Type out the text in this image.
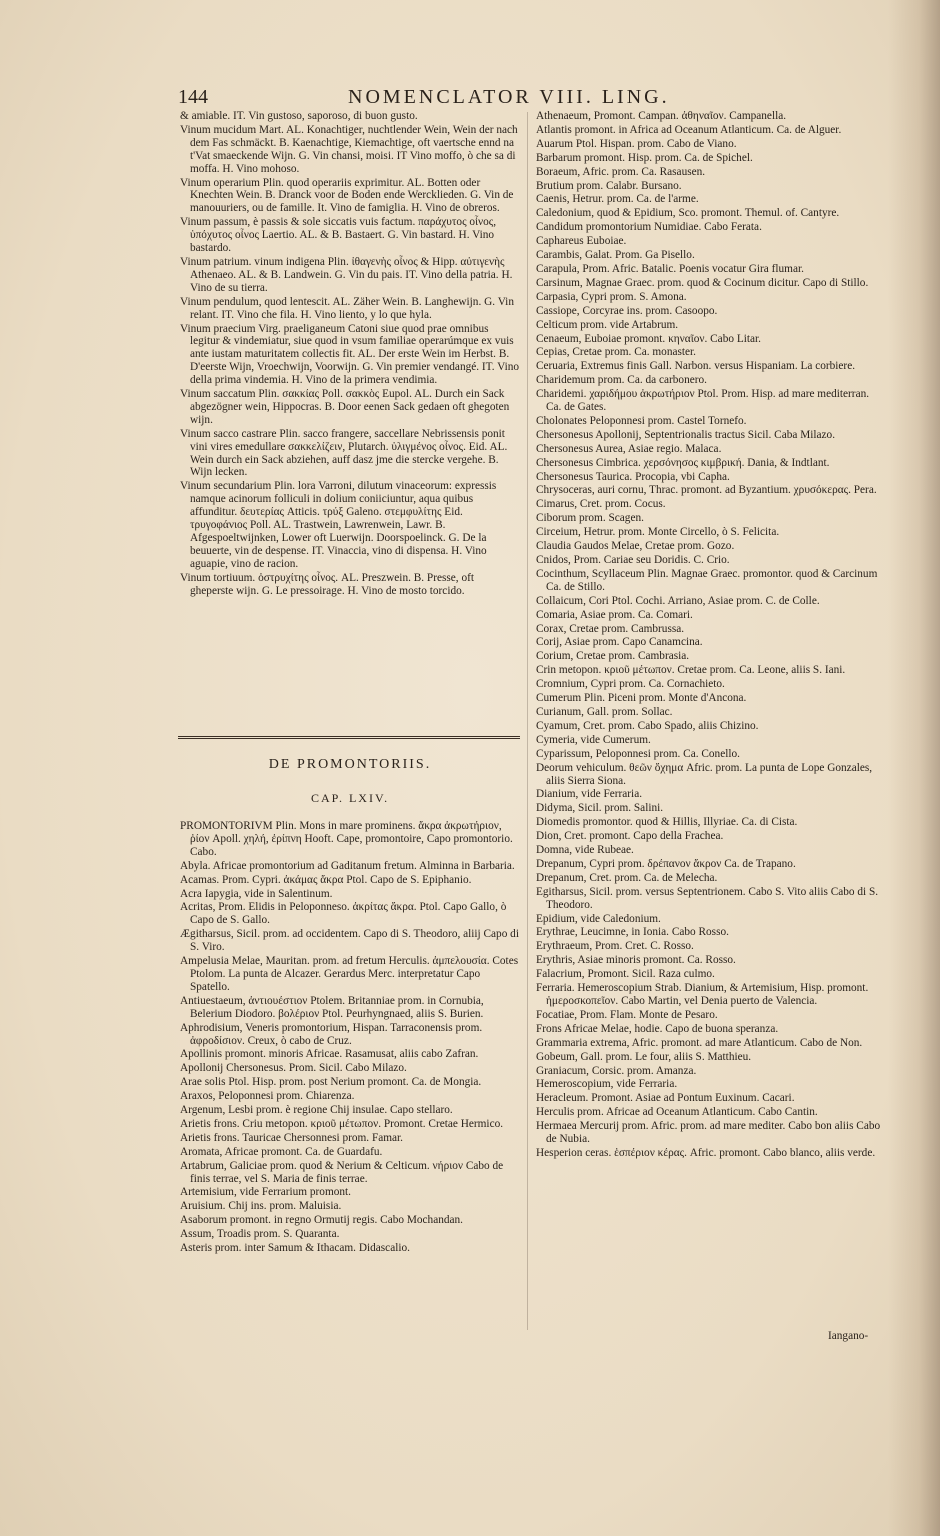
144	NOMENCLATOR VIII. LING.

& amiable. IT. Vin gustoso, saporoso, di buon gusto.

Vinum mucidum Mart. AL. Konachtiger, nuchtlender Wein, Wein der nach dem Fas schmäckt. B. Kaenachtige, Kiemachtige, oft vaertsche ennd na t'Vat smaeckende Wijn. G. Vin chansi, moisi. IT Vino moffo, ò che sa di moffa. H. Vino mohoso.

Vinum operarium Plin. quod operariis exprimitur. AL. Botten oder Knechten Wein. B. Dranck voor de Boden ende Wercklieden. G. Vin de manouuriers, ou de famille. It. Vino de famiglia. H. Vino de obreros.

Vinum passum, è passis & sole siccatis vuis factum. παράχυτος οἶνος, ὑπόχυτος οἶνος Laertio. AL. & B. Bastaert. G. Vin bastard. H. Vino bastardo.

Vinum patrium. vinum indigena Plin. ἰθαγενὴς οἶνος & Hipp. αὐτιγενὴς Athenaeo. AL. & B. Landwein. G. Vin du pais. IT. Vino della patria. H. Vino de su tierra.

Vinum pendulum, quod lentescit. AL. Zäher Wein. B. Langhewijn. G. Vin relant. IT. Vino che fila. H. Vino liento, y lo que hyla.

Vinum praecium Virg. praeliganeum Catoni siue quod prae omnibus legitur & vindemiatur, siue quod in vsum familiae operarúmque ex vuis ante iustam maturitatem collectis fit. AL. Der erste Wein im Herbst. B. D'eerste Wijn, Vroechwijn, Voorwijn. G. Vin premier vendangé. IT. Vino della prima vindemia. H. Vino de la primera vendimia.

Vinum saccatum Plin. σακκίας Poll. σακκὸς Eupol. AL. Durch ein Sack abgezögner wein, Hippocras. B. Door eenen Sack gedaen oft ghegoten wijn.

Vinum sacco castrare Plin. sacco frangere, saccellare Nebrissensis ponit vini vires emedullare σακκελίζειν, Plutarch. ὑλιγμένος οἶνος. Eid. AL. Wein durch ein Sack abziehen, auff dasz jme die stercke vergehe. B. Wijn lecken.

Vinum secundarium Plin. lora Varroni, dilutum vinaceorum: expressis namque acinorum folliculi in dolium coniiciuntur, aqua quibus affunditur. δευτερίας Atticis. τρύξ Galeno. στεμφυλίτης Eid. τρυγοφάνιος Poll. AL. Trastwein, Lawrenwein, Lawr. B. Afgespoeltwijnken, Lower oft Luerwijn. Doorspoelinck. G. De la beuuerte, vin de despense. IT. Vinaccia, vino di dispensa. H. Vino aguapie, vino de racion.

Vinum tortiuum. ὀστρυχίτης οἶνος. AL. Preszwein. B. Presse, oft gheperste wijn. G. Le pressoirage. H. Vino de mosto torcido.

DE PROMONTORIIS.
CAP. LXIV.

PROMONTORIVM Plin. Mons in mare prominens. ἄκρα ἀκρωτήριον, ῥίον Apoll. χηλή, ἐρίπνη Hooft. Cape, promontoire, Capo promontorio. Cabo.

Abyla. Africae promontorium ad Gaditanum fretum. Alminna in Barbaria.

Acamas. Prom. Cypri. ἀκάμας ἄκρα Ptol. Capo de S. Epiphanio.

Acra Iapygia, vide in Salentinum.

Acritas, Prom. Elidis in Peloponneso. ἀκρίτας ἄκρα. Ptol. Capo Gallo, ò Capo de S. Gallo.

Ægitharsus, Sicil. prom. ad occidentem. Capo di S. Theodoro, aliij Capo di S. Viro.

Ampelusia Melae, Mauritan. prom. ad fretum Herculis. ἀμπελουσία. Cotes Ptolom. La punta de Alcazer. Gerardus Merc. interpretatur Capo Spatello.

Antiuestaeum, ἀντιουέστιον Ptolem. Britanniae prom. in Cornubia, Belerium Diodoro. βολέριον Ptol. Peurhyngnaed, aliis S. Burien.

Aphrodisium, Veneris promontorium, Hispan. Tarraconensis prom. ἀφροδίσιον. Creux, ò cabo de Cruz.

Apollinis promont. minoris Africae. Rasamusat, aliis cabo Zafran.

Apollonij Chersonesus. Prom. Sicil. Cabo Milazo.

Arae solis Ptol. Hisp. prom. post Nerium promont. Ca. de Mongia.

Araxos, Peloponnesi prom. Chiarenza.

Argenum, Lesbi prom. è regione Chij insulae. Capo stellaro.

Arietis frons. Criu metopon. κριοῦ μέτωπον. Promont. Cretae Hermico.

Arietis frons. Tauricae Chersonnesi prom. Famar.

Aromata, Africae promont. Ca. de Guardafu.

Artabrum, Galiciae prom. quod & Nerium & Celticum. νήριον Cabo de finis terrae, vel S. Maria de finis terrae.

Artemisium, vide Ferrarium promont.

Aruisium. Chij ins. prom. Maluisia.

Asaborum promont. in regno Ormutij regis. Cabo Mochandan.

Assum, Troadis prom. S. Quaranta.

Asteris prom. inter Samum & Ithacam. Didascalio.

Athenaeum, Promont. Campan. ἀθηναῖον. Campanella.

Atlantis promont. in Africa ad Oceanum Atlanticum. Ca. de Alguer.

Auarum Ptol. Hispan. prom. Cabo de Viano.

Barbarum promont. Hisp. prom. Ca. de Spichel.

Boraeum, Afric. prom. Ca. Rasausen.

Brutium prom. Calabr. Bursano.

Caenis, Hetrur. prom. Ca. de l'arme.

Caledonium, quod & Epidium, Sco. promont. Themul. of. Cantyre.

Candidum promontorium Numidiae. Cabo Ferata.

Caphareus Euboiae.

Carambis, Galat. Prom. Ga Pisello.

Carapula, Prom. Afric. Batalic. Poenis vocatur Gira flumar.

Carsinum, Magnae Graec. prom. quod & Cocinum dicitur. Capo di Stillo.

Carpasia, Cypri prom. S. Amona.

Cassiope, Corcyrae ins. prom. Casoopo.

Celticum prom. vide Artabrum.

Cenaeum, Euboiae promont. κηναῖον. Cabo Litar.

Cepias, Cretae prom. Ca. monaster.

Ceruaria, Extremus finis Gall. Narbon. versus Hispaniam. La corbiere.

Charidemum prom. Ca. da carbonero.

Charidemi. χαριδήμου ἀκρωτήριον Ptol. Prom. Hisp. ad mare mediterran. Ca. de Gates.

Cholonates Peloponnesi prom. Castel Tornefo.

Chersonesus Apollonij, Septentrionalis tractus Sicil. Caba Milazo.

Chersonesus Aurea, Asiae regio. Malaca.

Chersonesus Cimbrica. χερσόνησος κιμβρική. Dania, & Indtlant.

Chersonesus Taurica. Procopia, vbi Capha.

Chrysoceras, auri cornu, Thrac. promont. ad Byzantium. χρυσόκερας. Pera.

Cimarus, Cret. prom. Cocus.

Ciborum prom. Scagen.

Circeium, Hetrur. prom. Monte Circello, ò S. Felicita.

Claudia Gaudos Melae, Cretae prom. Gozo.

Cnidos, Prom. Cariae seu Doridis. C. Crio.

Cocinthum, Scyllaceum Plin. Magnae Graec. promontor. quod & Carcinum Ca. de Stillo.

Collaicum, Cori Ptol. Cochi. Arriano, Asiae prom. C. de Colle.

Comaria, Asiae prom. Ca. Comari.

Corax, Cretae prom. Cambrussa.

Corij, Asiae prom. Capo Canamcina.

Corium, Cretae prom. Cambrasia.

Crin metopon. κριοῦ μέτωπον. Cretae prom. Ca. Leone, aliis S. Iani.

Cromnium, Cypri prom. Ca. Cornachieto.

Cumerum Plin. Piceni prom. Monte d'Ancona.

Curianum, Gall. prom. Sollac.

Cyamum, Cret. prom. Cabo Spado, aliis Chizino.

Cymeria, vide Cumerum.

Cyparissum, Peloponnesi prom. Ca. Conello.

Deorum vehiculum. θεῶν ὄχημα Afric. prom. La punta de Lope Gonzales, aliis Sierra Siona.

Dianium, vide Ferraria.

Didyma, Sicil. prom. Salini.

Diomedis promontor. quod & Hillis, Illyriae. Ca. di Cista.

Dion, Cret. promont. Capo della Frachea.

Domna, vide Rubeae.

Drepanum, Cypri prom. δρέπανον ἄκρον Ca. de Trapano.

Drepanum, Cret. prom. Ca. de Melecha.

Egitharsus, Sicil. prom. versus Septentrionem. Cabo S. Vito aliis Cabo di S. Theodoro.

Epidium, vide Caledonium.

Erythrae, Leucimne, in Ionia. Cabo Rosso.

Erythraeum, Prom. Cret. C. Rosso.

Erythris, Asiae minoris promont. Ca. Rosso.

Falacrium, Promont. Sicil. Raza culmo.

Ferraria. Hemeroscopium Strab. Dianium, & Artemisium, Hisp. promont. ἡμεροσκοπεῖον. Cabo Martin, vel Denia puerto de Valencia.

Focatiae, Prom. Flam. Monte de Pesaro.

Frons Africae Melae, hodie. Capo de buona speranza.

Grammaria extrema, Afric. promont. ad mare Atlanticum. Cabo de Non.

Gobeum, Gall. prom. Le four, aliis S. Matthieu.

Graniacum, Corsic. prom. Amanza.

Hemeroscopium, vide Ferraria.

Heracleum. Promont. Asiae ad Pontum Euxinum. Cacari.

Herculis prom. Africae ad Oceanum Atlanticum. Cabo Cantin.

Hermaea Mercurij prom. Afric. prom. ad mare mediter. Cabo bon aliis Cabo de Nubia.

Hesperion ceras. ἑσπέριον κέρας. Afric. promont. Cabo blanco, aliis verde.

Iangano-
